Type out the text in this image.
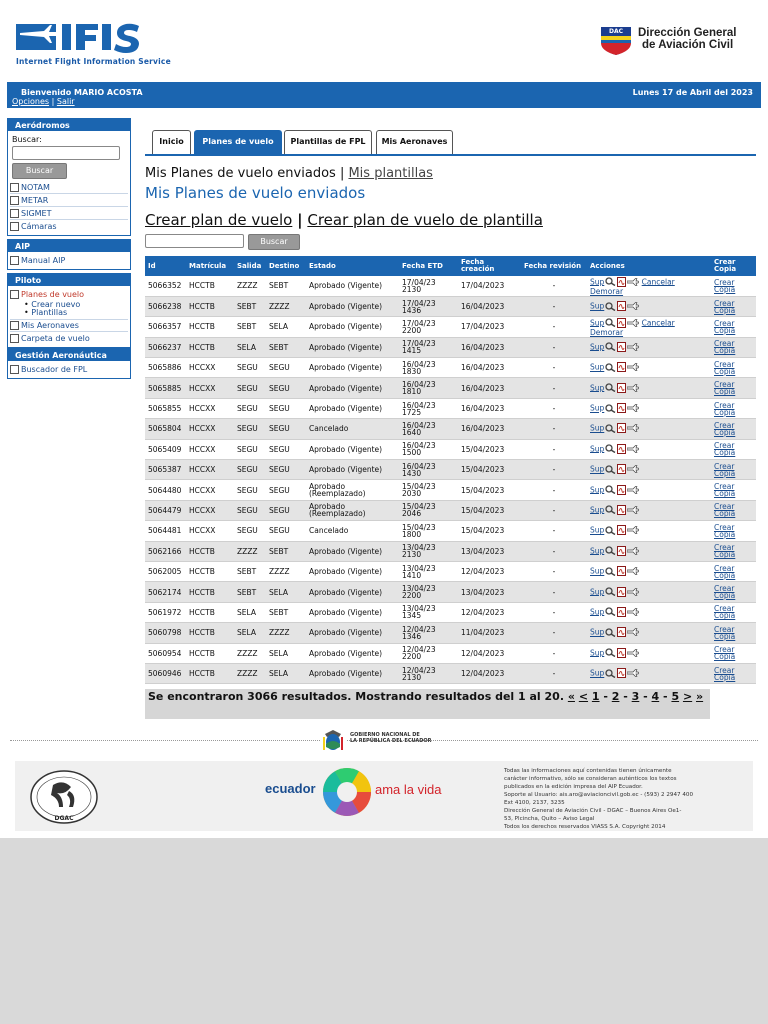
Internet Flight Information Service
DAC Dirección General
de Aviación Civil
Bienvenido MARIO ACOSTA	Lunes 17 de Abril del 2023
Opciones | Salir
Aeródromos
Buscar:
Buscar
NOTAM
METAR
SIGMET
Cámaras
AIP
Manual AIP
Piloto
Planes de vuelo
• Crear nuevo
• Plantillas
Mis Aeronaves
Carpeta de vuelo
Gestión Aeronáutica
Buscador de FPL
Inicio	Planes de vuelo	Plantillas de FPL	Mis Aeronaves
Mis Planes de vuelo enviados | Mis plantillas
Mis Planes de vuelo enviados
Crear plan de vuelo | Crear plan de vuelo de plantilla
Buscar
Id	Matrícula	Salida	Destino	Estado	Fecha ETD	Fecha creación	Fecha revisión	Acciones	Crear Copia
5066352	HCCTB	ZZZZ	SEBT	Aprobado (Vigente)	17/04/23 2130	17/04/2023	-	Sup Cancelar
Demorar	Crear
Copia
5066238	HCCTB	SEBT	ZZZZ	Aprobado (Vigente)	17/04/23 1436	16/04/2023	-	Sup	Crear
Copia
5066357	HCCTB	SEBT	SELA	Aprobado (Vigente)	17/04/23 2200	17/04/2023	-	Sup Cancelar
Demorar	Crear
Copia
5066237	HCCTB	SELA	SEBT	Aprobado (Vigente)	17/04/23 1415	16/04/2023	-	Sup	Crear
Copia
5065886	HCCXX	SEGU	SEGU	Aprobado (Vigente)	16/04/23 1830	16/04/2023	-	Sup	Crear
Copia
5065885	HCCXX	SEGU	SEGU	Aprobado (Vigente)	16/04/23 1810	16/04/2023	-	Sup	Crear
Copia
5065855	HCCXX	SEGU	SEGU	Aprobado (Vigente)	16/04/23 1725	16/04/2023	-	Sup	Crear
Copia
5065804	HCCXX	SEGU	SEGU	Cancelado	16/04/23 1640	16/04/2023	-	Sup	Crear
Copia
5065409	HCCXX	SEGU	SEGU	Aprobado (Vigente)	16/04/23 1500	15/04/2023	-	Sup	Crear
Copia
5065387	HCCXX	SEGU	SEGU	Aprobado (Vigente)	16/04/23 1430	15/04/2023	-	Sup	Crear
Copia
5064480	HCCXX	SEGU	SEGU	Aprobado (Reemplazado)	15/04/23 2030	15/04/2023	-	Sup	Crear
Copia
5064479	HCCXX	SEGU	SEGU	Aprobado (Reemplazado)	15/04/23 2046	15/04/2023	-	Sup	Crear
Copia
5064481	HCCXX	SEGU	SEGU	Cancelado	15/04/23 1800	15/04/2023	-	Sup	Crear
Copia
5062166	HCCTB	ZZZZ	SEBT	Aprobado (Vigente)	13/04/23 2130	13/04/2023	-	Sup	Crear
Copia
5062005	HCCTB	SEBT	ZZZZ	Aprobado (Vigente)	13/04/23 1410	12/04/2023	-	Sup	Crear
Copia
5062174	HCCTB	SEBT	SELA	Aprobado (Vigente)	13/04/23 2200	13/04/2023	-	Sup	Crear
Copia
5061972	HCCTB	SELA	SEBT	Aprobado (Vigente)	13/04/23 1345	12/04/2023	-	Sup	Crear
Copia
5060798	HCCTB	SELA	ZZZZ	Aprobado (Vigente)	12/04/23 1346	11/04/2023	-	Sup	Crear
Copia
5060954	HCCTB	ZZZZ	SELA	Aprobado (Vigente)	12/04/23 2200	12/04/2023	-	Sup	Crear
Copia
5060946	HCCTB	ZZZZ	SELA	Aprobado (Vigente)	12/04/23 2130	12/04/2023	-	Sup	Crear
Copia
Se encontraron 3066 resultados. Mostrando resultados del 1 al 20. « < 1 - 2 - 3 - 4 - 5 > »
GOBIERNO NACIONAL DE
LA REPÚBLICA DEL ECUADOR
DGAC
ecuador	ama la vida
Todas las informaciones aquí contenidas tienen únicamente
carácter informativo, sólo se consideran auténticos los textos
publicados en la edición impresa del AIP Ecuador.
Soporte al Usuario: ais.aro@aviacioncivil.gob.ec - (593) 2 2947 400
Ext 4100, 2137, 3235
Dirección General de Aviación Civil - DGAC – Buenos Aires Oe1-
53, Plcincha, Quito – Aviso Legal
Todos los derechos reservados VIASS S.A. Copyright 2014
